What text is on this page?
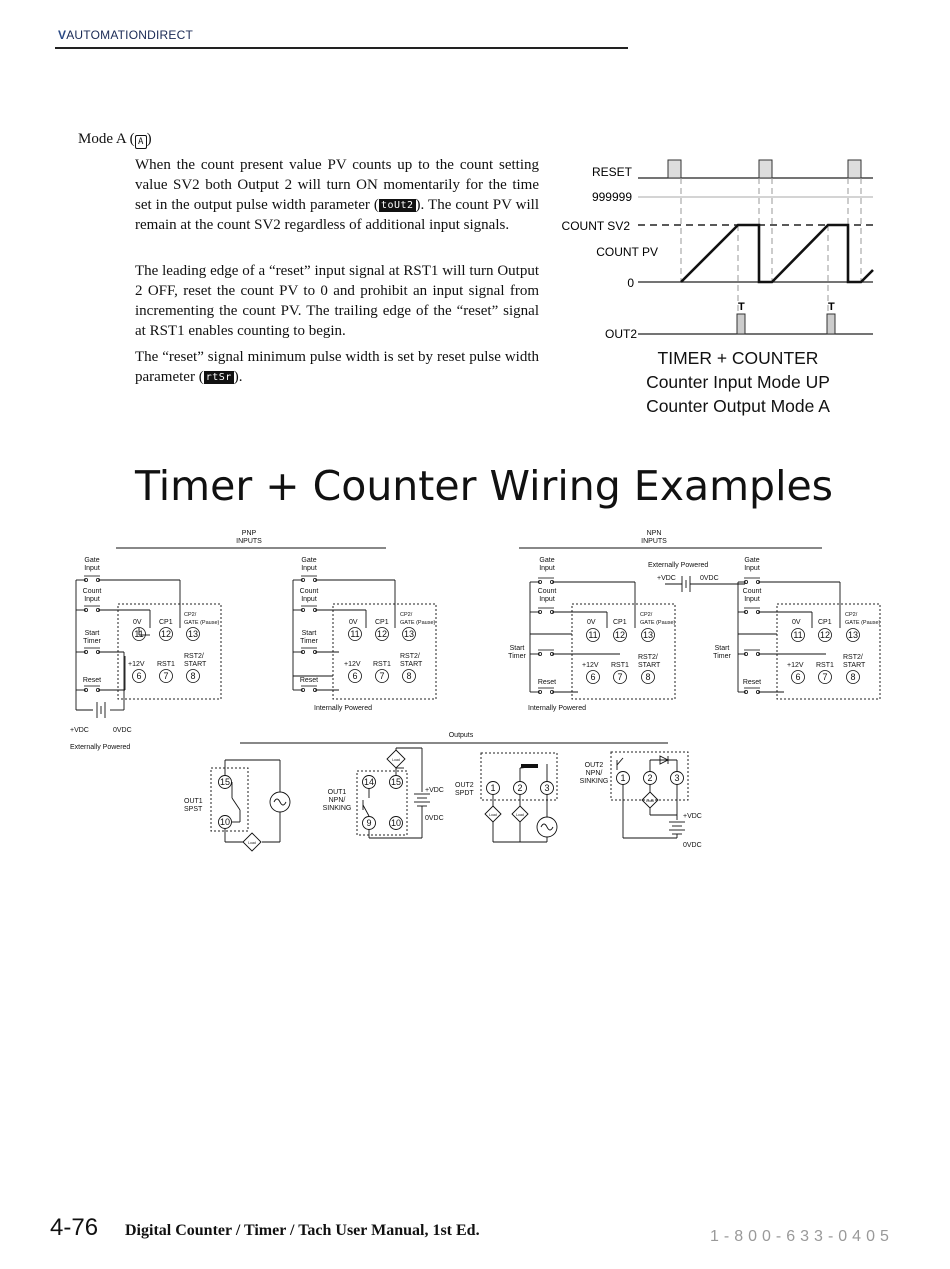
VAUTOMATIONDIRECT
Mode A ( A )
When the count present value PV counts up to the count setting value SV2 both Output 2 will turn ON momentarily for the time set in the output pulse width parameter ( toUt2 ). The count PV will remain at the count SV2 regardless of additional input signals.
The leading edge of a “reset” input signal at RST1 will turn Output 2 OFF, reset the count PV to 0 and prohibit an input signal from incrementing the count PV. The trailing edge of the “reset” signal at RST1 enables counting to begin.
The “reset” signal minimum pulse width is set by reset pulse width parameter ( rtSr ).
T	T
RESET
999999
COUNT SV2
COUNT PV
0
OUT2
TIMER + COUNTER
Counter Input Mode UP
Counter Output Mode A
Timer + Counter Wiring Examples
PNP
INPUTS
NPN
INPUTS
Gate
Input
Count
Input
Start
Timer
Reset
+VDC	0VDC
Externally Powered
0V CP1
CP2/
GATE (Pause)
+12V RST1
RST2/
START
11 12 13
6 7 8
Gate
Input
Count
Input
Start
Timer
Reset
Internally Powered
0V CP1
CP2/
GATE (Pause)
+12V RST1
RST2/
START
11 12 13
6 7 8
Gate
Input
Count
Input
Start
Timer
Reset
Internally Powered
0V CP1
CP2/
GATE (Pause)
+12V RST1
RST2/
START
11 12 13
6 7	8
Externally Powered
+VDC	0VDC
Gate
Input
Count
Input
Start
Timer
Reset
0V CP1
CP2/
GATE (Pause)
+12V RST1
RST2/
START
11 12 13
6 7	8
Outputs
15
10
Load
OUT1
SPST
14 15
9 10
Load
+VDC
0VDC
OUT1
NPN/
SINKING
1 2 3
Load	Load
OUT2
SPDT
1 2 3
Load
+VDC
0VDC
OUT2
NPN/
SINKING
4-76 Digital Counter / Timer / Tach User Manual, 1st Ed.	1-800-633-0405
